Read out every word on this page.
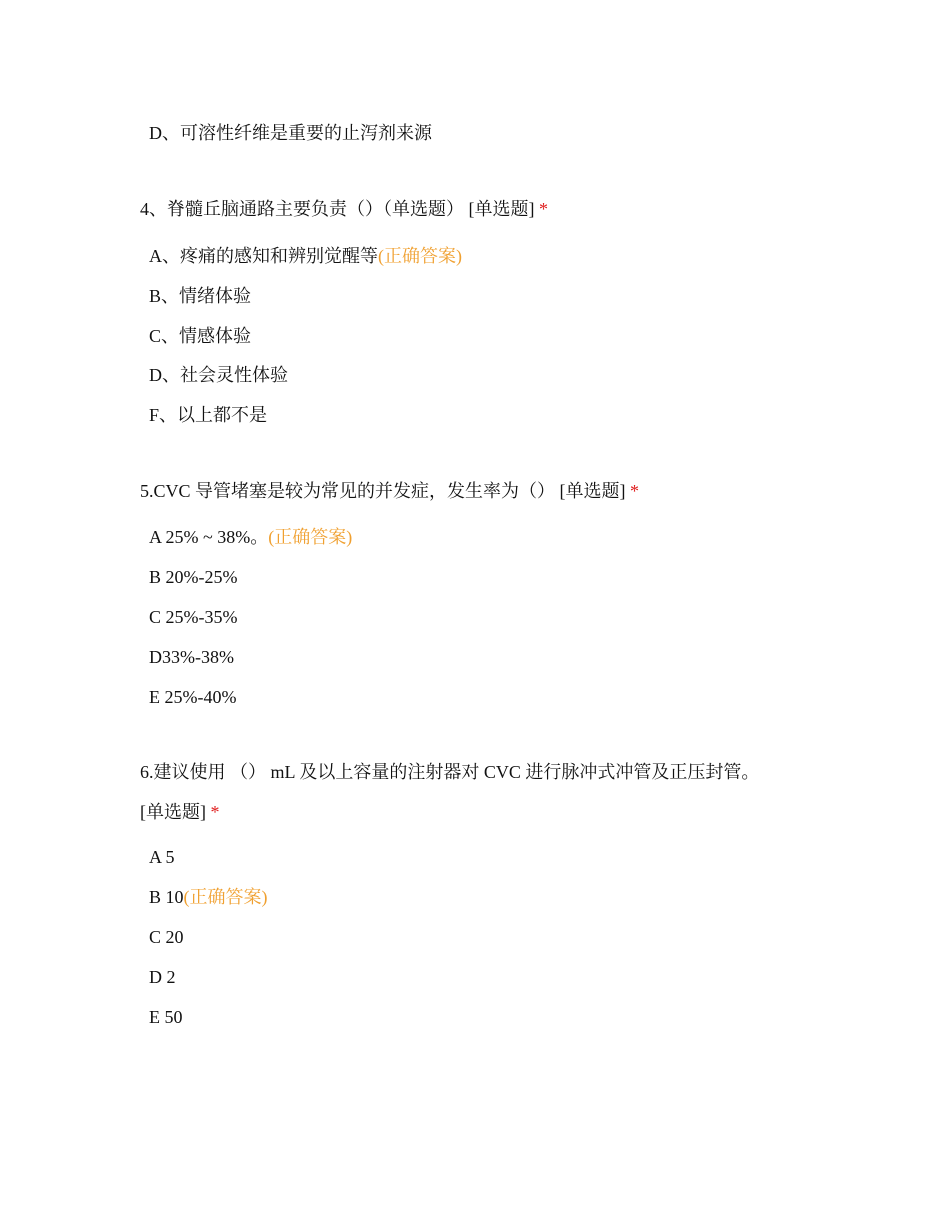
D、可溶性纤维是重要的止泻剂来源
4、脊髓丘脑通路主要负责（）（单选题） [单选题] *
A、疼痛的感知和辨别觉醒等(正确答案)
B、情绪体验
C、情感体验
D、社会灵性体验
F、以上都不是
5.CVC 导管堵塞是较为常见的并发症，发生率为（） [单选题] *
A 25% ~ 38%。(正确答案)
B 20%-25%
C 25%-35%
D33%-38%
E 25%-40%
6.建议使用 （） mL 及以上容量的注射器对 CVC 进行脉冲式冲管及正压封管。
[单选题] *
A 5
B 10(正确答案)
C 20
D 2
E 50
